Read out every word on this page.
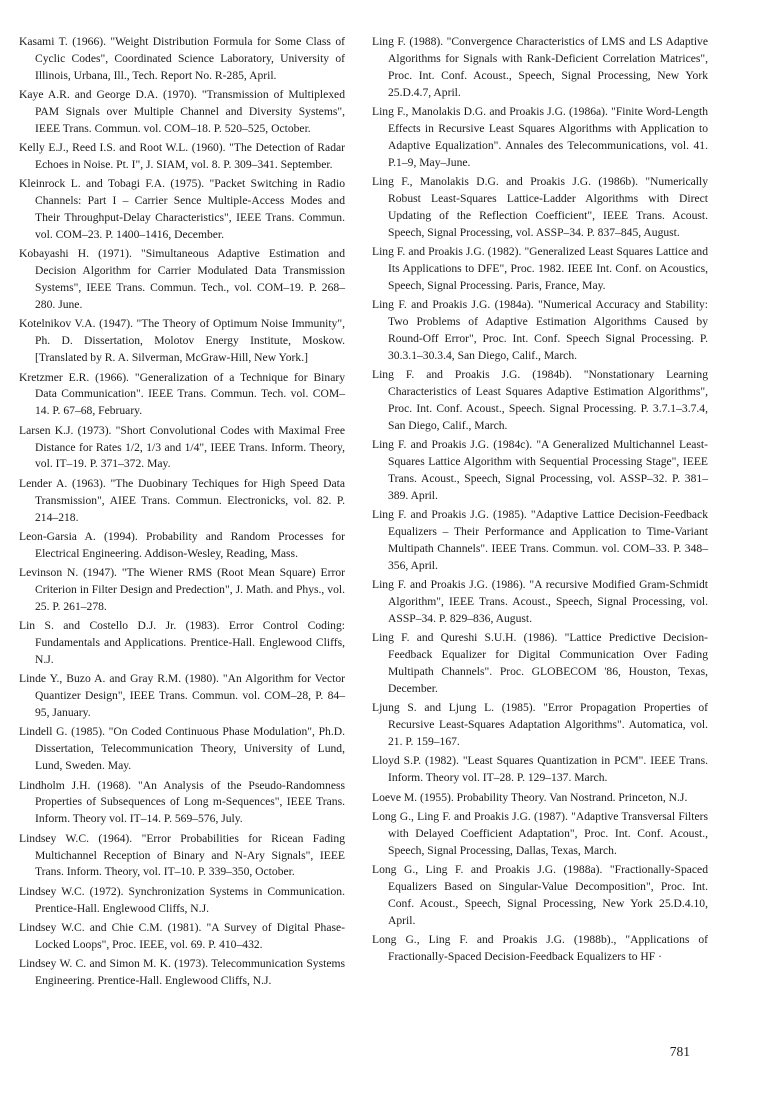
Kasami T. (1966). "Weight Distribution Formula for Some Class of Cyclic Codes", Coordinated Science Laboratory, University of Illinois, Urbana, Ill., Tech. Report No. R-285, April.

Kaye A.R. and George D.A. (1970). "Transmission of Multiplexed PAM Signals over Multiple Channel and Diversity Systems", IEEE Trans. Commun. vol. COM–18. P. 520–525, October.

Kelly E.J., Reed I.S. and Root W.L. (1960). "The Detection of Radar Echoes in Noise. Pt. I", J. SIAM, vol. 8. P. 309–341. September.

Kleinrock L. and Tobagi F.A. (1975). "Packet Switching in Radio Channels: Part I – Carrier Sence Multiple-Access Modes and Their Throughput-Delay Characteristics", IEEE Trans. Commun. vol. COM–23. P. 1400–1416, December.

Kobayashi H. (1971). "Simultaneous Adaptive Estimation and Decision Algorithm for Carrier Modulated Data Transmission Systems", IEEE Trans. Commun. Tech., vol. COM–19. P. 268–280. June.

Kotelnikov V.A. (1947). "The Theory of Optimum Noise Immunity", Ph. D. Dissertation, Molotov Energy Institute, Moskow. [Translated by R. A. Silverman, McGraw-Hill, New York.]

Kretzmer E.R. (1966). "Generalization of a Technique for Binary Data Communication". IEEE Trans. Commun. Tech. vol. COM–14. P. 67–68, February.

Larsen K.J. (1973). "Short Convolutional Codes with Maximal Free Distance for Rates 1/2, 1/3 and 1/4", IEEE Trans. Inform. Theory, vol. IT–19. P. 371–372. May.

Lender A. (1963). "The Duobinary Techiques for High Speed Data Transmission", AIEE Trans. Commun. Electronicks, vol. 82. P. 214–218.

Leon-Garsia A. (1994). Probability and Random Processes for Electrical Engineering. Addison-Wesley, Reading, Mass.

Levinson N. (1947). "The Wiener RMS (Root Mean Square) Error Criterion in Filter Design and Predection", J. Math. and Phys., vol. 25. P. 261–278.

Lin S. and Costello D.J. Jr. (1983). Error Control Coding: Fundamentals and Applications. Prentice-Hall. Englewood Cliffs, N.J.

Linde Y., Buzo A. and Gray R.M. (1980). "An Algorithm for Vector Quantizer Design", IEEE Trans. Commun. vol. COM–28, P. 84–95, January.

Lindell G. (1985). "On Coded Continuous Phase Modulation", Ph.D. Dissertation, Telecommunication Theory, University of Lund, Lund, Sweden. May.

Lindholm J.H. (1968). "An Analysis of the Pseudo-Randomness Properties of Subsequences of Long m-Sequences", IEEE Trans. Inform. Theory vol. IT–14. P. 569–576, July.

Lindsey W.C. (1964). "Error Probabilities for Ricean Fading Multichannel Reception of Binary and N-Ary Signals", IEEE Trans. Inform. Theory, vol. IT–10. P. 339–350, October.

Lindsey W.C. (1972). Synchronization Systems in Communication. Prentice-Hall. Englewood Cliffs, N.J.

Lindsey W.C. and Chie C.M. (1981). "A Survey of Digital Phase-Locked Loops", Proc. IEEE, vol. 69. P. 410–432.

Lindsey W. C. and Simon M. K. (1973). Telecommunication Systems Engineering. Prentice-Hall. Englewood Cliffs, N.J.

Ling F. (1988). "Convergence Characteristics of LMS and LS Adaptive Algorithms for Signals with Rank-Deficient Correlation Matrices", Proc. Int. Conf. Acoust., Speech, Signal Processing, New York 25.D.4.7, April.

Ling F., Manolakis D.G. and Proakis J.G. (1986a). "Finite Word-Length Effects in Recursive Least Squares Algorithms with Application to Adaptive Equalization". Annales des Telecommunications, vol. 41. P.1–9, May–June.

Ling F., Manolakis D.G. and Proakis J.G. (1986b). "Numerically Robust Least-Squares Lattice-Ladder Algorithms with Direct Updating of the Reflection Coefficient", IEEE Trans. Acoust. Speech, Signal Processing, vol. ASSP–34. P. 837–845, August.

Ling F. and Proakis J.G. (1982). "Generalized Least Squares Lattice and Its Applications to DFE", Proc. 1982. IEEE Int. Conf. on Acoustics, Speech, Signal Processing. Paris, France, May.

Ling F. and Proakis J.G. (1984a). "Numerical Accuracy and Stability: Two Problems of Adaptive Estimation Algorithms Caused by Round-Off Error", Proc. Int. Conf. Speech Signal Processing. P. 30.3.1–30.3.4, San Diego, Calif., March.

Ling F. and Proakis J.G. (1984b). "Nonstationary Learning Characteristics of Least Squares Adaptive Estimation Algorithms", Proc. Int. Conf. Acoust., Speech. Signal Processing. P. 3.7.1–3.7.4, San Diego, Calif., March.

Ling F. and Proakis J.G. (1984c). "A Generalized Multichannel Least-Squares Lattice Algorithm with Sequential Processing Stage", IEEE Trans. Acoust., Speech, Signal Processing, vol. ASSP–32. P. 381–389. April.

Ling F. and Proakis J.G. (1985). "Adaptive Lattice Decision-Feedback Equalizers – Their Performance and Application to Time-Variant Multipath Channels". IEEE Trans. Commun. vol. COM–33. P. 348–356, April.

Ling F. and Proakis J.G. (1986). "A recursive Modified Gram-Schmidt Algorithm", IEEE Trans. Acoust., Speech, Signal Processing, vol. ASSP–34. P. 829–836, August.

Ling F. and Qureshi S.U.H. (1986). "Lattice Predictive Decision-Feedback Equalizer for Digital Communication Over Fading Multipath Channels". Proc. GLOBECOM '86, Houston, Texas, December.

Ljung S. and Ljung L. (1985). "Error Propagation Properties of Recursive Least-Squares Adaptation Algorithms". Automatica, vol. 21. P. 159–167.

Lloyd S.P. (1982). "Least Squares Quantization in PCM". IEEE Trans. Inform. Theory vol. IT–28. P. 129–137. March.

Loeve M. (1955). Probability Theory. Van Nostrand. Princeton, N.J.

Long G., Ling F. and Proakis J.G. (1987). "Adaptive Transversal Filters with Delayed Coefficient Adaptation", Proc. Int. Conf. Acoust., Speech, Signal Processing, Dallas, Texas, March.

Long G., Ling F. and Proakis J.G. (1988a). "Fractionally-Spaced Equalizers Based on Singular-Value Decomposition", Proc. Int. Conf. Acoust., Speech, Signal Processing, New York 25.D.4.10, April.

Long G., Ling F. and Proakis J.G. (1988b)., "Applications of Fractionally-Spaced Decision-Feedback Equalizers to HF ·

781
